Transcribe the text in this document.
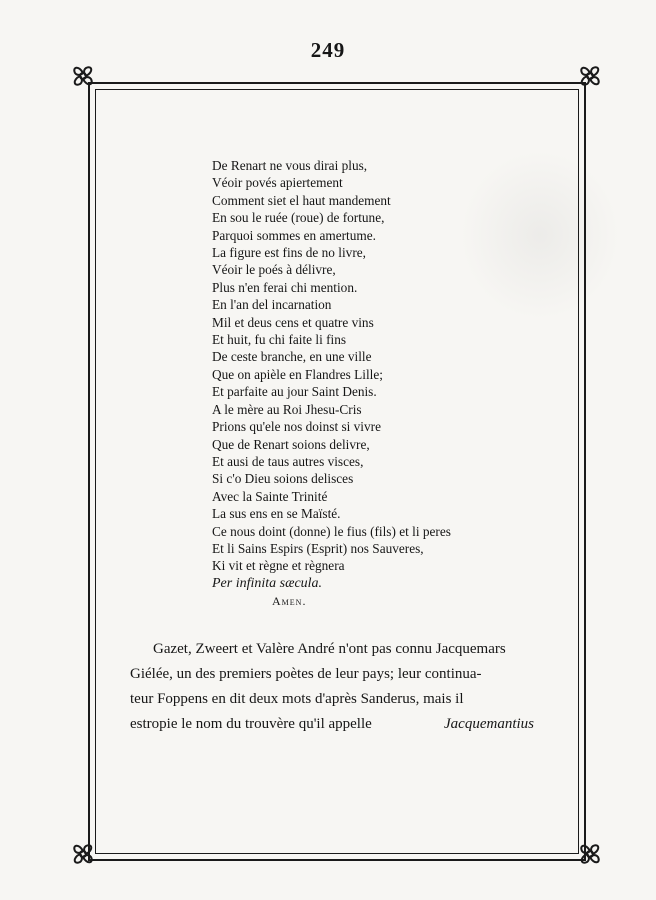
249
De Renart ne vous dirai plus,
Véoir povés apiertement
Comment siet el haut mandement
En sou le ruée (roue) de fortune,
Parquoi sommes en amertume.
La figure est fins de no livre,
Véoir le poés à délivre,
Plus n'en ferai chi mention.
En l'an del incarnation
Mil et deus cens et quatre vins
Et huit, fu chi faite li fins
De ceste branche, en une ville
Que on apièle en Flandres Lille;
Et parfaite au jour Saint Denis.
A le mère au Roi Jhesu-Cris
Prions qu'ele nos doinst si vivre
Que de Renart soions delivre,
Et ausi de taus autres visces,
Si c'o Dieu soions delisces
Avec la Sainte Trinité
La sus ens en se Maïsté.
Ce nous doint (donne) le fius (fils) et li peres
Et li Sains Espirs (Esprit) nos Sauveres,
Ki vit et règne et règnera
Per infinita sæcula.
Amen.
Gazet, Zweert et Valère André n'ont pas connu Jacquemars
Giélée, un des premiers poètes de leur pays; leur continua-
teur Foppens en dit deux mots d'après Sanderus, mais il
estropie le nom du trouvère qu'il appelle	Jacquemantius
